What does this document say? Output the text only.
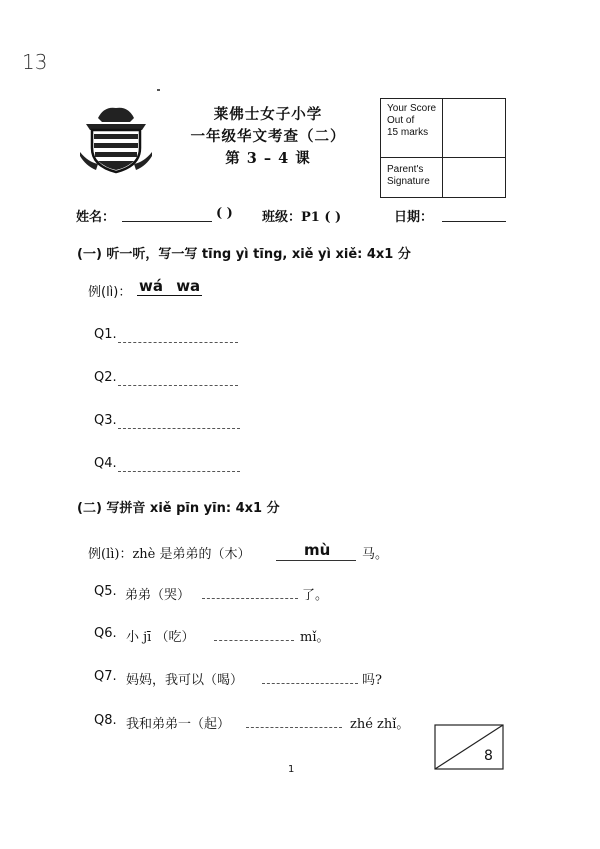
13
莱佛士女子小学
一年级华文考查（二）
第 3 – 4 课
Your Score
Out of
15 marks
Parent's
Signature
姓名：	( ) 班级：P1 ( )	日期：
(一) 听一听，写一写 tīng yì tīng, xiě yì xiě: 4x1 分
例(lì)： wá wa
Q1.
Q2.
Q3.
Q4.
(二) 写拼音 xiě pīn yīn: 4x1 分
例(lì)：zhè 是弟弟的（木）	mù 马。
Q5. 弟弟（哭）	了。
Q6. 小 jī （吃）	mǐ。
Q7. 妈妈，我可以（喝）	吗?
Q8. 我和弟弟一（起）	zhé zhǐ。
8
1
